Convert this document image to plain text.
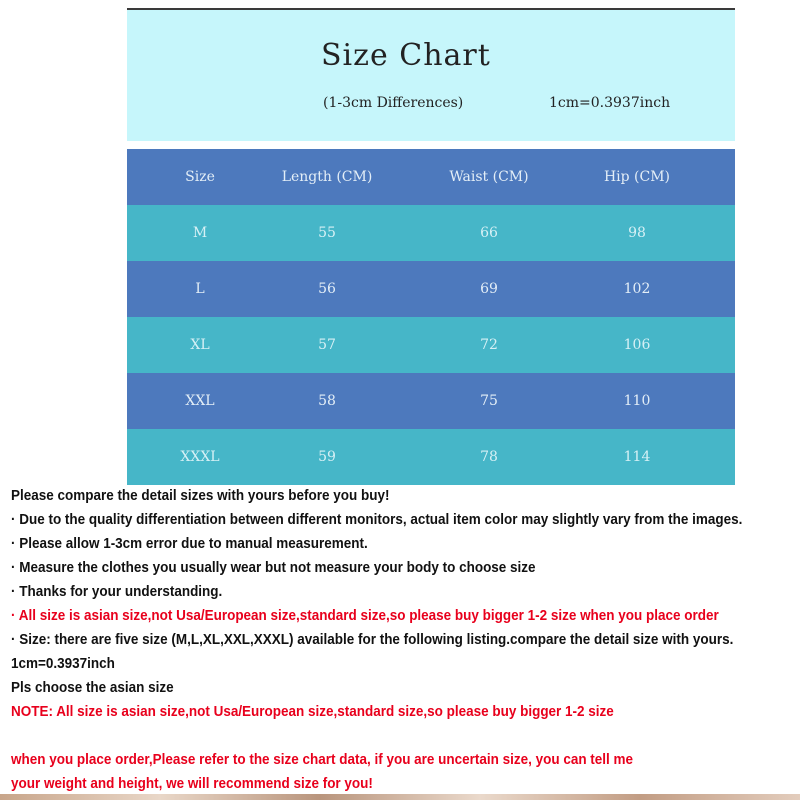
Size Chart
(1-3cm Differences)	1cm=0.3937inch
Size	Length (CM)	Waist (CM)	Hip (CM)
M	55	66	98
L	56	69	102
XL	57	72	106
XXL	58	75	110
XXXL	59	78	114
Please compare the detail sizes with yours before you buy!
· Due to the quality differentiation between different monitors, actual item color may slightly vary from the images.
· Please allow 1-3cm error due to manual measurement.
· Measure the clothes you usually wear but not measure your body to choose size
· Thanks for your understanding.
· All size is asian size,not Usa/European size,standard size,so please buy bigger 1-2 size when you place order
· Size: there are five size (M,L,XL,XXL,XXXL) available for the following listing.compare the detail size with yours.
1cm=0.3937inch
Pls choose the asian size
NOTE: All size is asian size,not Usa/European size,standard size,so please buy bigger 1-2 size
when you place order,Please refer to the size chart data, if you are uncertain size, you can tell me
your weight and height, we will recommend size for you!
